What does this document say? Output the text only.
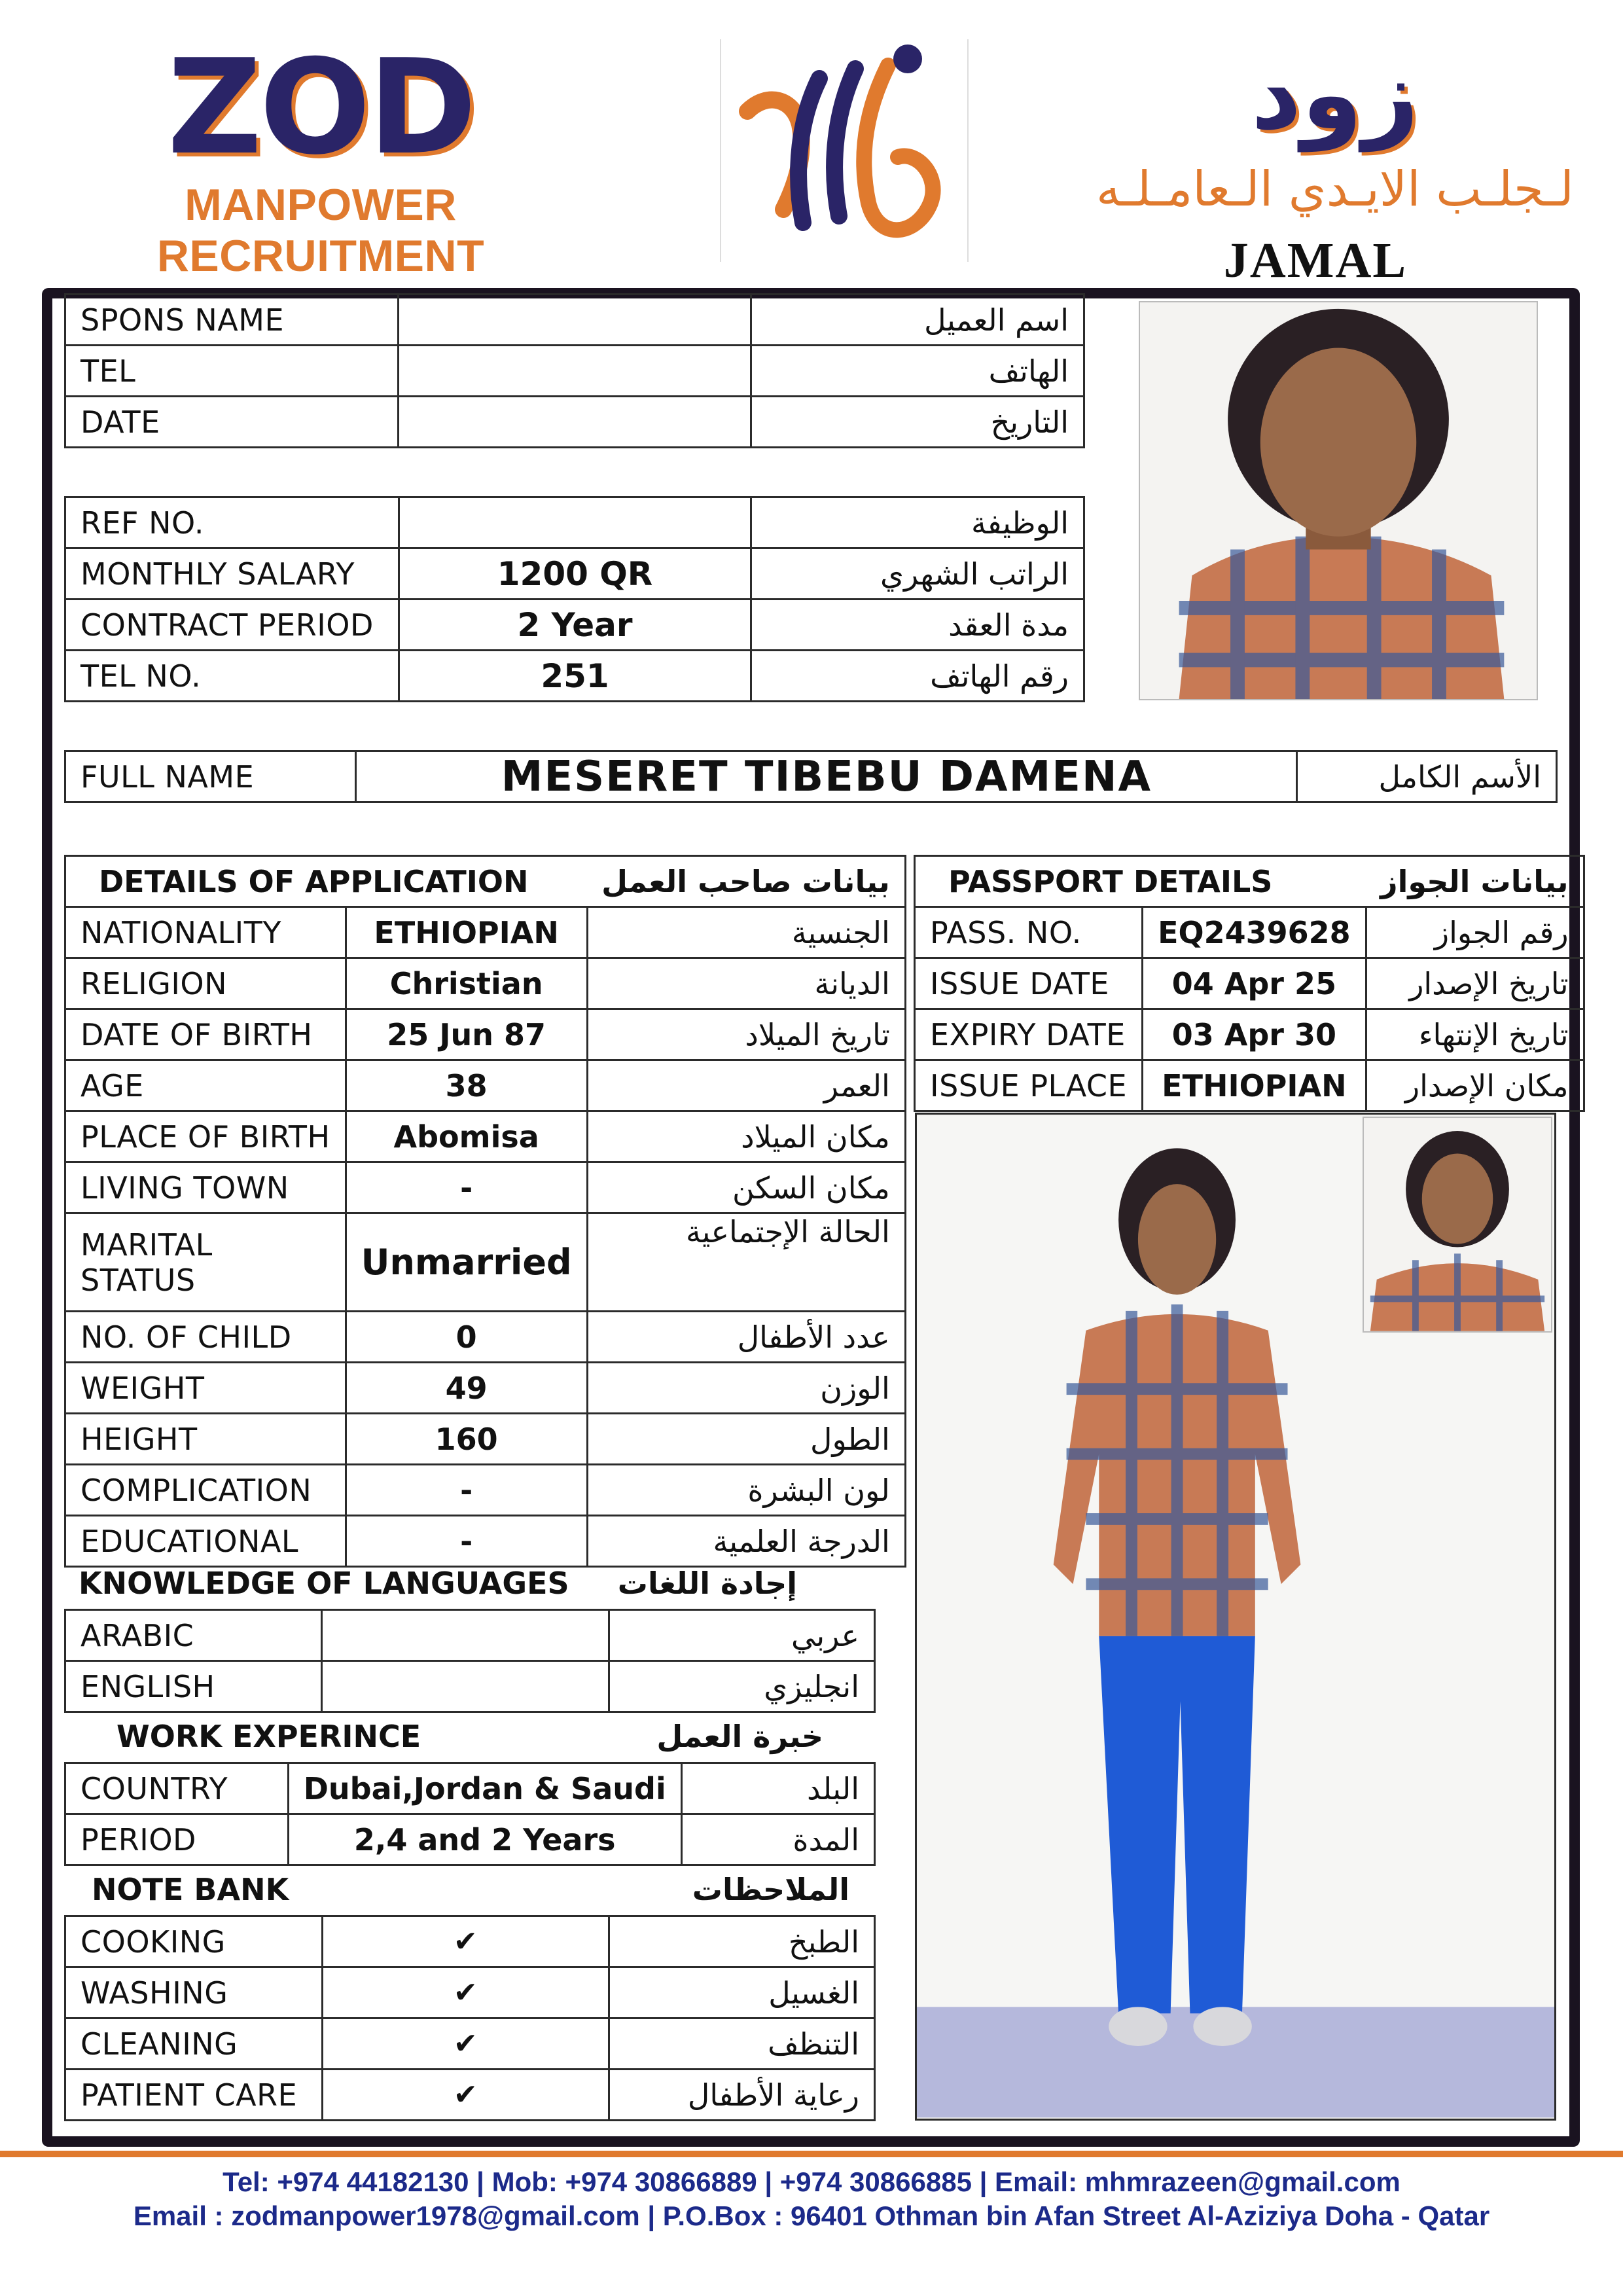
ZOD
MANPOWER RECRUITMENT
زود
لـجلـب الايـدي الـعامـلـه
JAMAL
SPONS NAME		اسم العميل
TEL		الهاتف
DATE		التاريخ
REF NO.		الوظيفة
MONTHLY SALARY	1200 QR	الراتب الشهري
CONTRACT PERIOD	2 Year	مدة العقد
TEL NO.	251	رقم الهاتف
FULL NAME	MESERET TIBEBU DAMENA	الأسم الكامل
DETAILS OF APPLICATION		بيانات صاحب العمل
NATIONALITY	ETHIOPIAN	الجنسية
RELIGION	Christian	الديانة
DATE OF BIRTH	25 Jun 87	تاريخ الميلاد
AGE	38	العمر
PLACE OF BIRTH	Abomisa	مكان الميلاد
LIVING TOWN	-	مكان السكن
MARITAL STATUS	Unmarried	الحالة الإجتماعية
NO. OF CHILD	0	عدد الأطفال
WEIGHT	49	الوزن
HEIGHT	160	الطول
COMPLICATION	-	لون البشرة
EDUCATIONAL	-	الدرجة العلمية
KNOWLEDGE OF LANGUAGES	إجادة اللغات
ARABIC		عربي
ENGLISH		انجليزي
WORK EXPERINCE	خبرة العمل
COUNTRY	Dubai,Jordan & Saudi	البلد
PERIOD	2,4 and 2 Years	المدة
NOTE BANK	الملاحظات
COOKING	✔	الطبخ
WASHING	✔	الغسيل
CLEANING	✔	التنظف
PATIENT CARE	✔	رعاية الأطفال
PASSPORT DETAILS		بيانات الجواز
PASS. NO.	EQ2439628	رقم الجواز
ISSUE DATE	04 Apr 25	تاريخ الإصدار
EXPIRY DATE	03 Apr 30	تاريخ الإنتهاء
ISSUE PLACE	ETHIOPIAN	مكان الإصدار
Tel: +974 44182130 | Mob: +974 30866889 | +974 30866885 | Email: mhmrazeen@gmail.com
Email : zodmanpower1978@gmail.com | P.O.Box : 96401 Othman bin Afan Street Al-Aziziya Doha - Qatar
